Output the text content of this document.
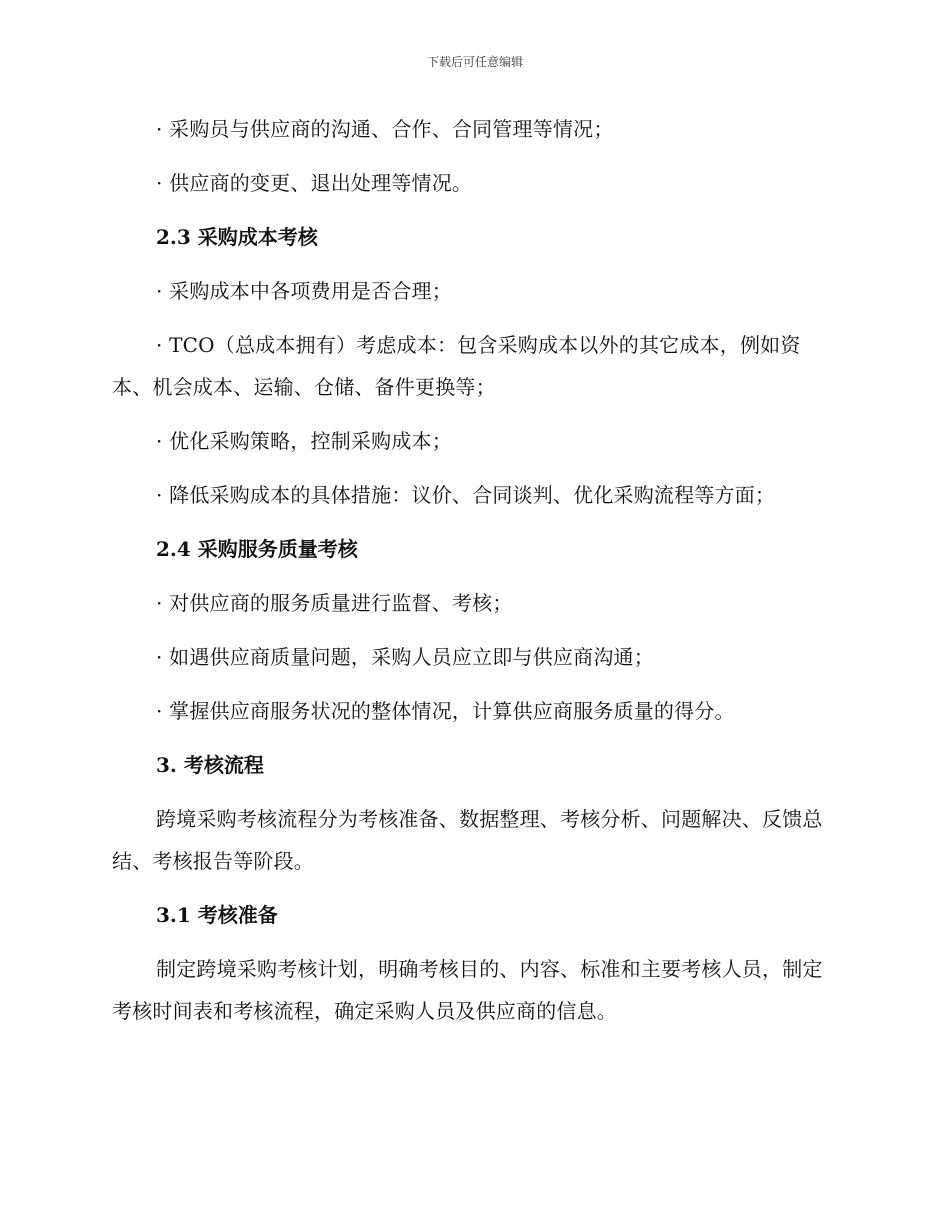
下载后可任意编辑

· 采购员与供应商的沟通、合作、合同管理等情况；

· 供应商的变更、退出处理等情况。

2.3 采购成本考核

· 采购成本中各项费用是否合理；

· TCO（总成本拥有）考虑成本：包含采购成本以外的其它成本，例如资本、机会成本、运输、仓储、备件更换等；

· 优化采购策略，控制采购成本；

· 降低采购成本的具体措施：议价、合同谈判、优化采购流程等方面；

2.4 采购服务质量考核

· 对供应商的服务质量进行监督、考核；

· 如遇供应商质量问题，采购人员应立即与供应商沟通；

· 掌握供应商服务状况的整体情况，计算供应商服务质量的得分。

3. 考核流程

跨境采购考核流程分为考核准备、数据整理、考核分析、问题解决、反馈总结、考核报告等阶段。

3.1 考核准备

制定跨境采购考核计划，明确考核目的、内容、标准和主要考核人员，制定考核时间表和考核流程，确定采购人员及供应商的信息。
